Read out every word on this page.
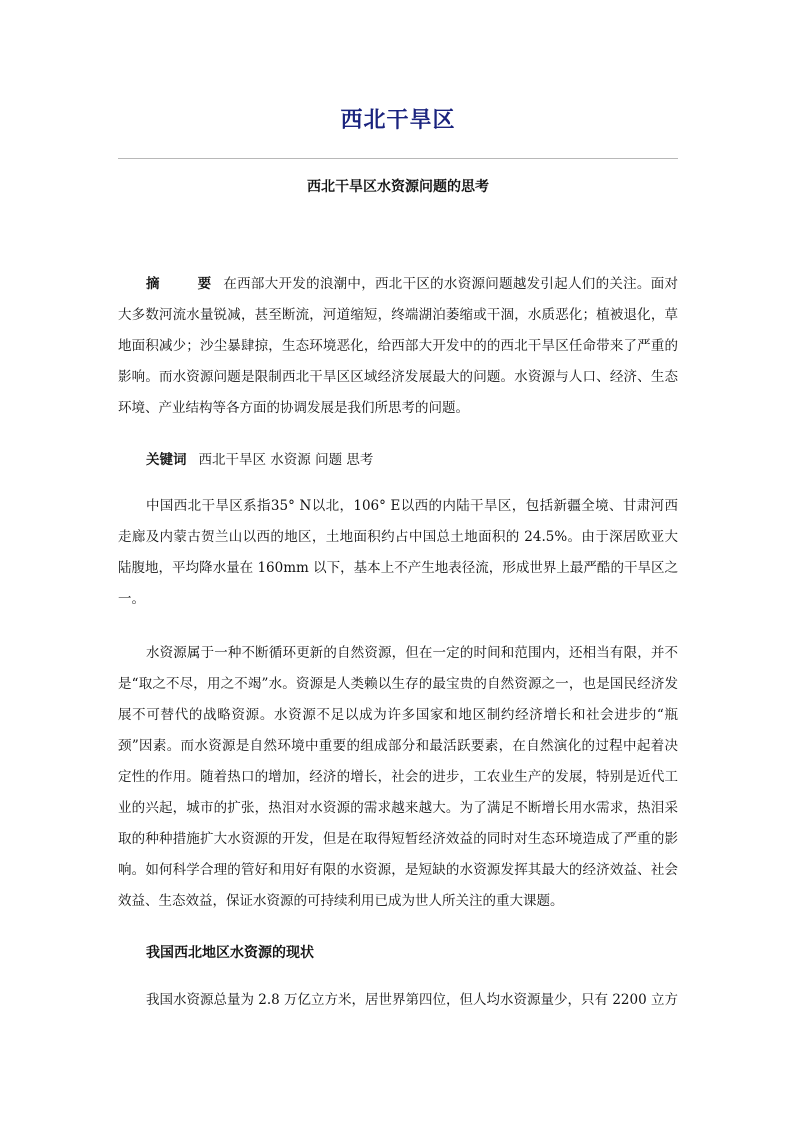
西北干旱区
西北干旱区水资源问题的思考

摘　要在西部大开发的浪潮中，西北干区的水资源问题越发引起人们的关注。面对大多数河流水量锐减，甚至断流，河道缩短，终端湖泊萎缩或干涸，水质恶化；植被退化，草地面积减少；沙尘暴肆掠，生态环境恶化，给西部大开发中的的西北干旱区任命带来了严重的影响。而水资源问题是限制西北干旱区区域经济发展最大的问题。水资源与人口、经济、生态环境、产业结构等各方面的协调发展是我们所思考的问题。

关键词 西北干旱区 水资源 问题 思考

中国西北干旱区系指35° N以北，106° E以西的内陆干旱区，包括新疆全境、甘肃河西走廊及内蒙古贺兰山以西的地区，土地面积约占中国总土地面积的 24.5%。由于深居欧亚大陆腹地，平均降水量在 160mm 以下，基本上不产生地表径流，形成世界上最严酷的干旱区之一。

水资源属于一种不断循环更新的自然资源，但在一定的时间和范围内，还相当有限，并不是“取之不尽，用之不竭”水。资源是人类赖以生存的最宝贵的自然资源之一，也是国民经济发展不可替代的战略资源。水资源不足以成为许多国家和地区制约经济增长和社会进步的“瓶颈”因素。而水资源是自然环境中重要的组成部分和最活跃要素，在自然演化的过程中起着决定性的作用。随着热口的增加，经济的增长，社会的进步，工农业生产的发展，特别是近代工业的兴起，城市的扩张，热泪对水资源的需求越来越大。为了满足不断增长用水需求，热泪采取的种种措施扩大水资源的开发，但是在取得短暂经济效益的同时对生态环境造成了严重的影响。如何科学合理的管好和用好有限的水资源，是短缺的水资源发挥其最大的经济效益、社会效益、生态效益，保证水资源的可持续利用已成为世人所关注的重大课题。

我国西北地区水资源的现状

我国水资源总量为 2.8 万亿立方米，居世界第四位，但人均水资源量少，只有 2200 立方
